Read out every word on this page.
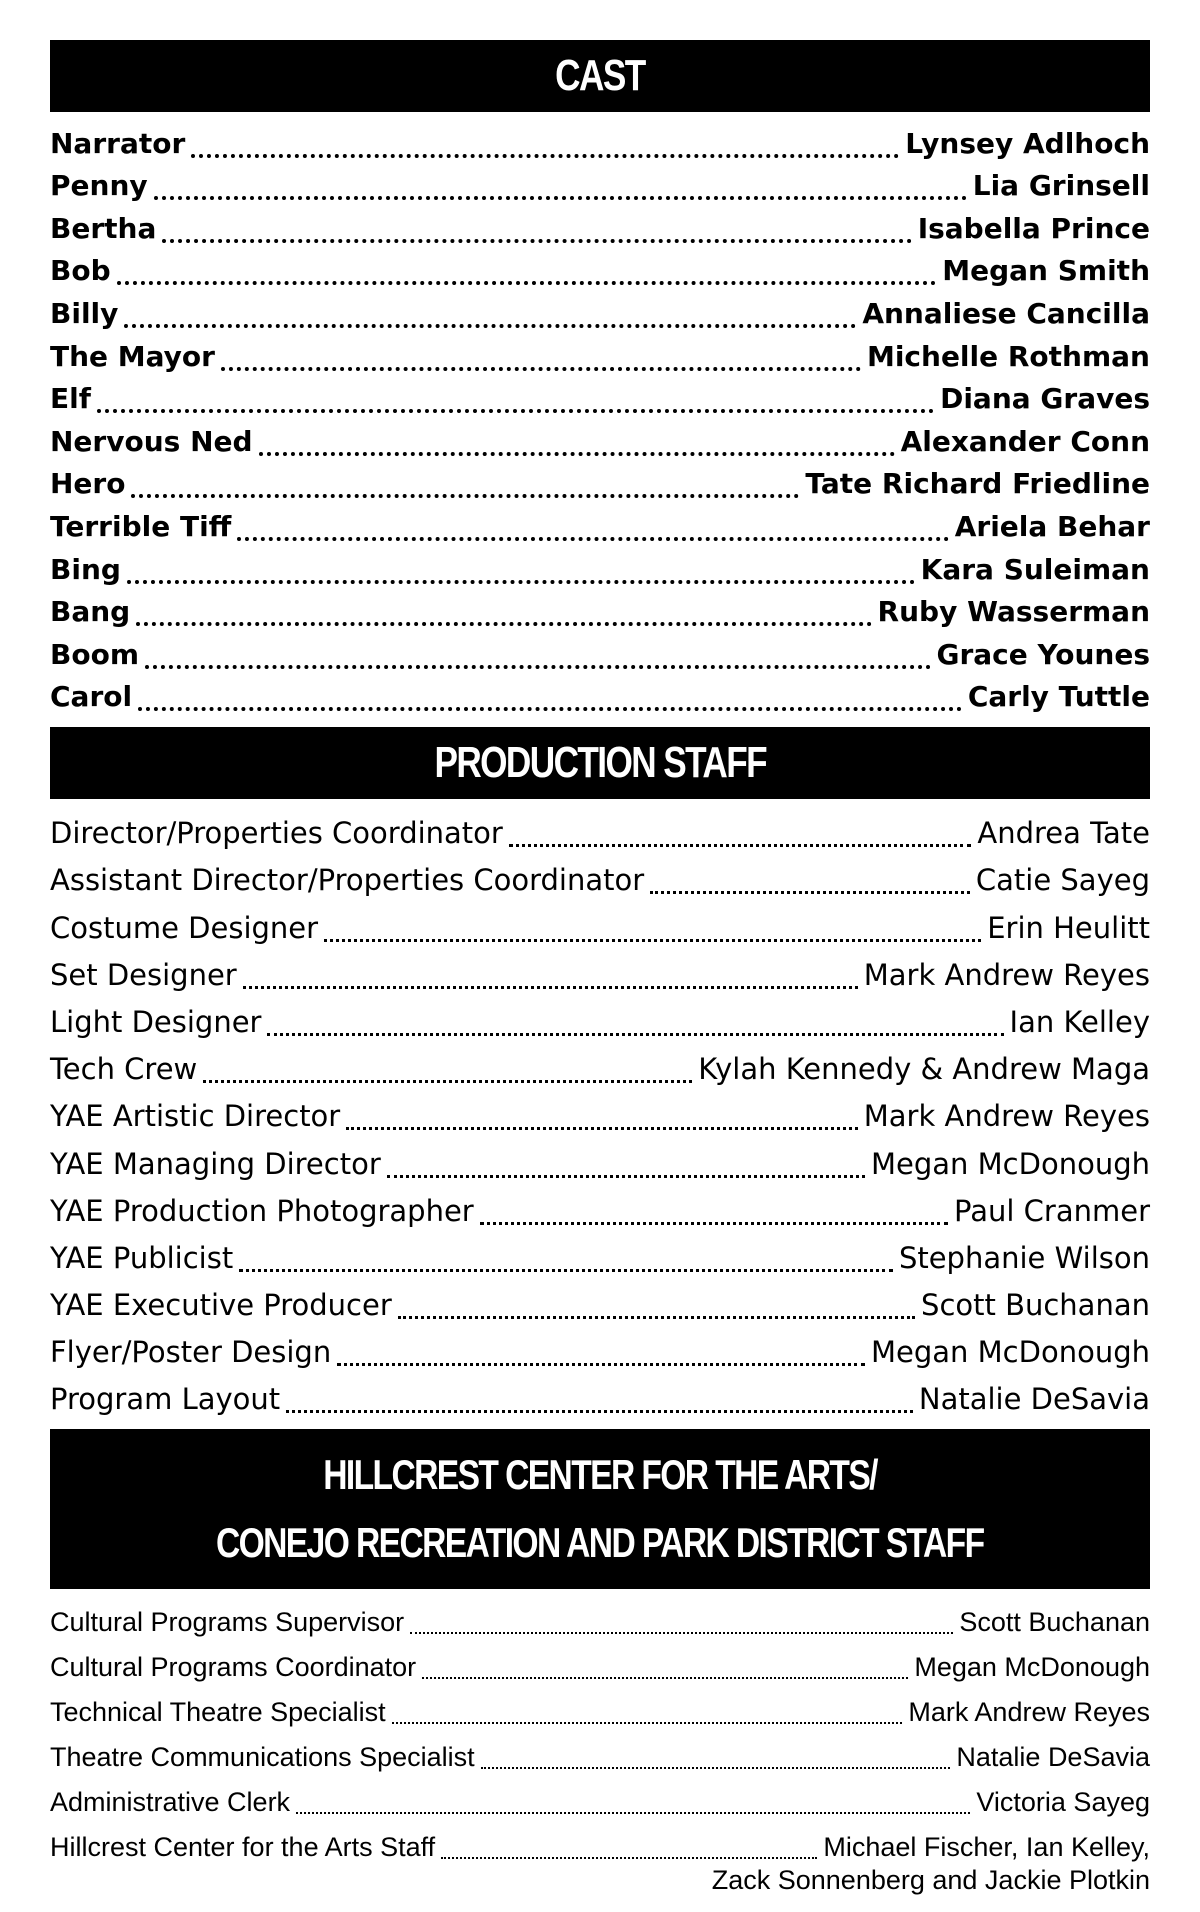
CAST
Narrator	Lynsey Adlhoch
Penny	Lia Grinsell
Bertha	Isabella Prince
Bob	Megan Smith
Billy	Annaliese Cancilla
The Mayor	Michelle Rothman
Elf	Diana Graves
Nervous Ned	Alexander Conn
Hero	Tate Richard Friedline
Terrible Tiff	Ariela Behar
Bing	Kara Suleiman
Bang	Ruby Wasserman
Boom	Grace Younes
Carol	Carly Tuttle
PRODUCTION STAFF
Director/Properties Coordinator	Andrea Tate
Assistant Director/Properties Coordinator	Catie Sayeg
Costume Designer	Erin Heulitt
Set Designer	Mark Andrew Reyes
Light Designer	Ian Kelley
Tech Crew	Kylah Kennedy & Andrew Maga
YAE Artistic Director	Mark Andrew Reyes
YAE Managing Director	Megan McDonough
YAE Production Photographer	Paul Cranmer
YAE Publicist	Stephanie Wilson
YAE Executive Producer	Scott Buchanan
Flyer/Poster Design	Megan McDonough
Program Layout	Natalie DeSavia
HILLCREST CENTER FOR THE ARTS/
CONEJO RECREATION AND PARK DISTRICT STAFF
Cultural Programs Supervisor	Scott Buchanan
Cultural Programs Coordinator	Megan McDonough
Technical Theatre Specialist	Mark Andrew Reyes
Theatre Communications Specialist	Natalie DeSavia
Administrative Clerk	Victoria Sayeg
Hillcrest Center for the Arts Staff	Michael Fischer, Ian Kelley,
Zack Sonnenberg and Jackie Plotkin
